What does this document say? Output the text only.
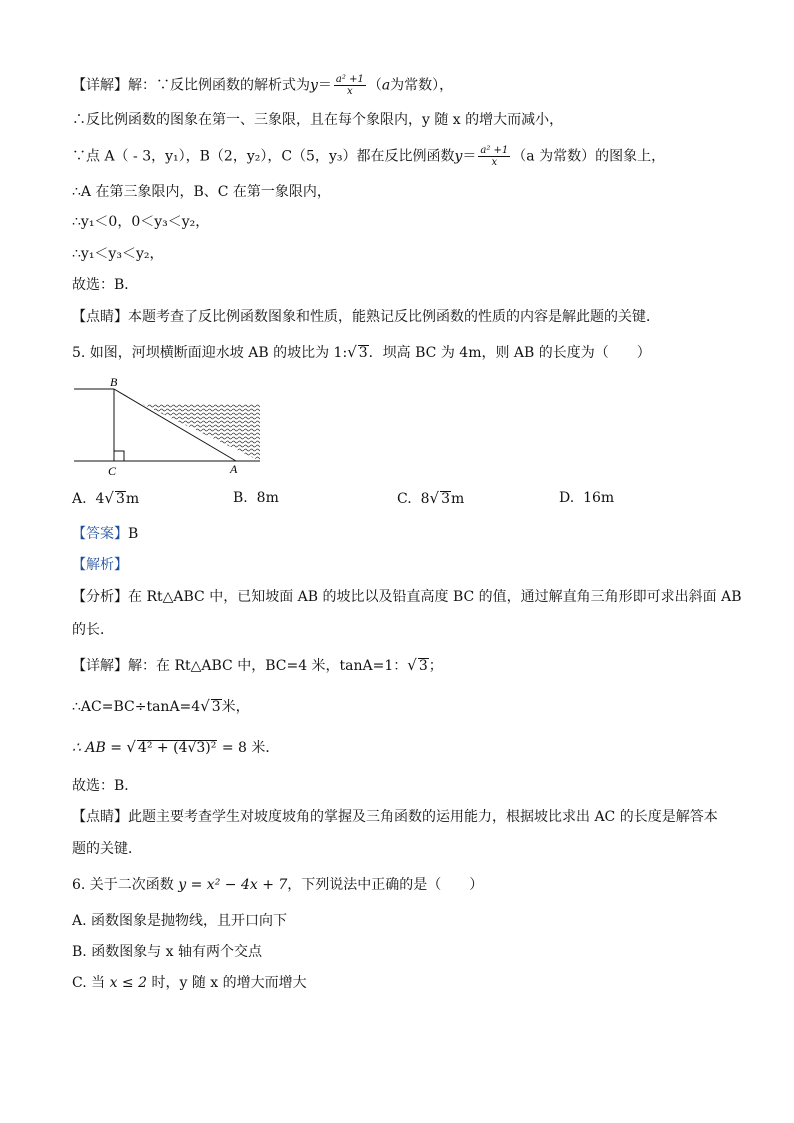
【详解】解：∵反比例函数的解析式为$y= \frac{\text{a² +1}}{x} (a$为常数），
∴反比例函数的图象在第一、三象限，且在每个象限内，y 随 x 的增大而减小，
∵点 A（ - 3，y₁），B（2，y₂），C（5，y₃）都在反比例函数$y= \frac{\text{a² +1}}{x} (a$ 为常数）的图象上，
∴A 在第三象限内，B、C 在第一象限内，
∴y₁＜0，0＜y₃＜y₂，
∴y₁＜y₃＜y₂，
故选：B．
【点睛】本题考查了反比例函数图象和性质，能熟记反比例函数的性质的内容是解此题的关键．
5. 如图，河坝横断面迎水坡 AB 的坡比为 1:√ 3．坝高 BC 为 4m，则 AB 的长度为（　　）
B
C	A
A. 4√ 3m	B. 8m	C. 8√ 3m	D. 16m
【答案】B
【解析】
【分析】在 Rt△ABC 中，已知坡面 AB 的坡比以及铅直高度 BC 的值，通过解直角三角形即可求出斜面 AB
的长．
【详解】解：在 Rt△ABC 中，BC=4 米，tanA=1：√ 3；
∴AC=BC÷tanA=4√ 3米，
∴ AB = √ 4² + (4√3)² = 8 米．
故选：B．
【点睛】此题主要考查学生对坡度坡角的掌握及三角函数的运用能力，根据坡比求出 AC 的长度是解答本
题的关键．
6. 关于二次函数 y = x² − 4x + 7，下列说法中正确的是（　　）
A. 函数图象是抛物线，且开口向下
B. 函数图象与 x 轴有两个交点
C. 当 x ≤ 2 时，y 随 x 的增大而增大
